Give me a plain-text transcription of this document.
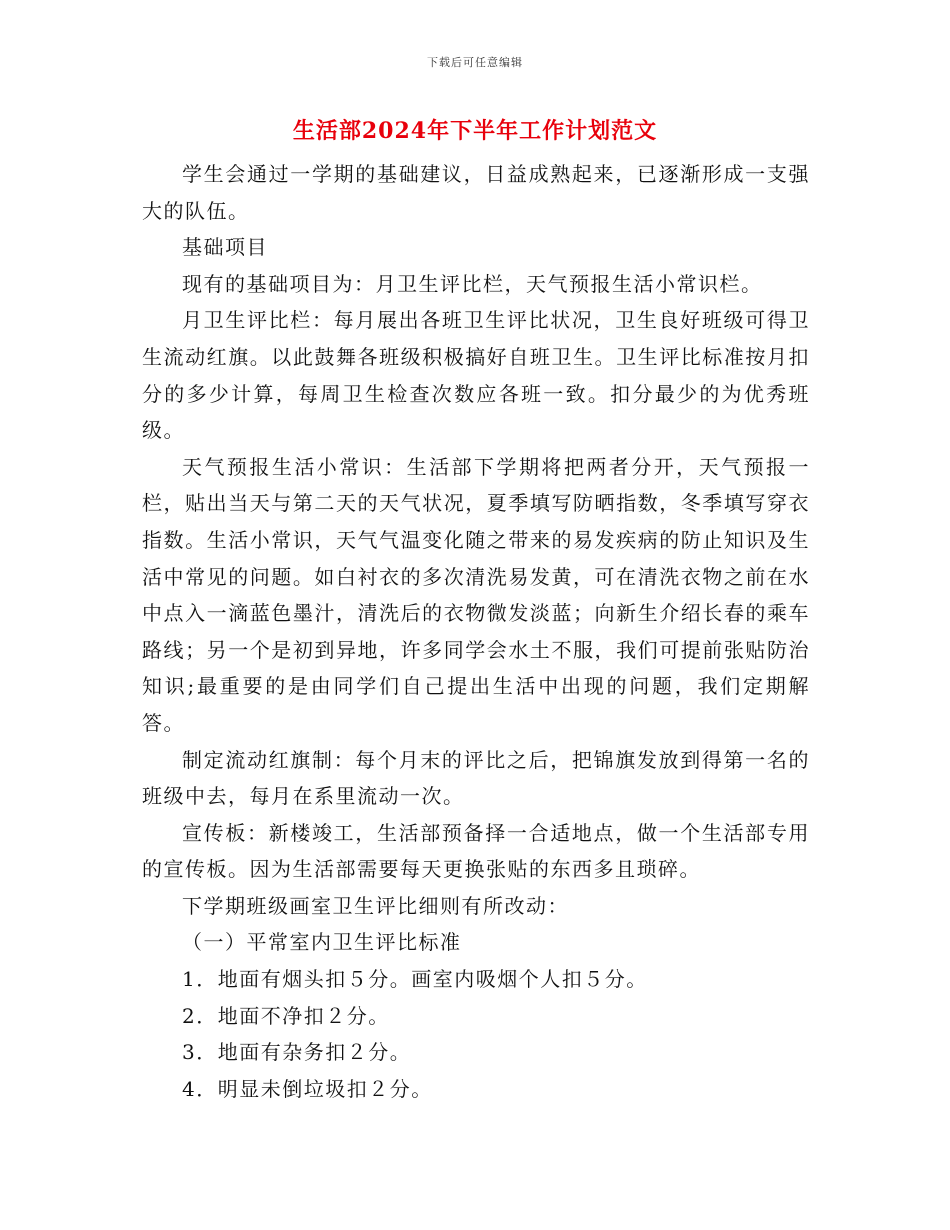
下载后可任意编辑
生活部2024年下半年工作计划范文

学生会通过一学期的基础建议，日益成熟起来，已逐渐形成一支强大的队伍。

基础项目

现有的基础项目为：月卫生评比栏，天气预报生活小常识栏。

月卫生评比栏：每月展出各班卫生评比状况，卫生良好班级可得卫生流动红旗。以此鼓舞各班级积极搞好自班卫生。卫生评比标准按月扣分的多少计算，每周卫生检查次数应各班一致。扣分最少的为优秀班级。

天气预报生活小常识：生活部下学期将把两者分开，天气预报一栏，贴出当天与第二天的天气状况，夏季填写防晒指数，冬季填写穿衣指数。生活小常识，天气气温变化随之带来的易发疾病的防止知识及生活中常见的问题。如白衬衣的多次清洗易发黄，可在清洗衣物之前在水中点入一滴蓝色墨汁，清洗后的衣物微发淡蓝；向新生介绍长春的乘车路线；另一个是初到异地，许多同学会水土不服，我们可提前张贴防治知识;最重要的是由同学们自己提出生活中出现的问题，我们定期解答。

制定流动红旗制：每个月末的评比之后，把锦旗发放到得第一名的班级中去，每月在系里流动一次。

宣传板：新楼竣工，生活部预备择一合适地点，做一个生活部专用的宣传板。因为生活部需要每天更换张贴的东西多且琐碎。

下学期班级画室卫生评比细则有所改动：

（一）平常室内卫生评比标准

1．地面有烟头扣５分。画室内吸烟个人扣５分。

2．地面不净扣２分。

3．地面有杂务扣２分。

4．明显未倒垃圾扣２分。
